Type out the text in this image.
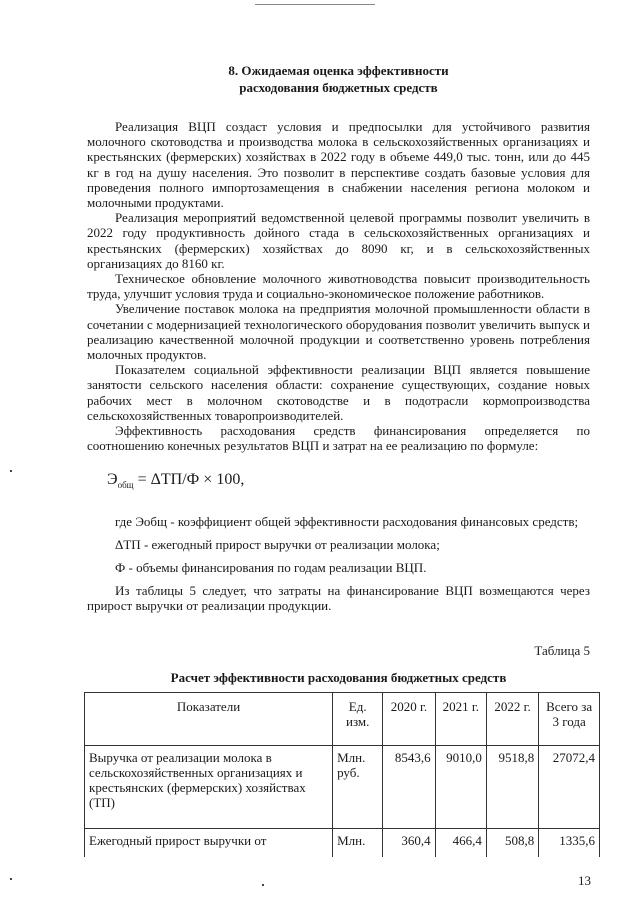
8. Ожидаемая оценка эффективности
расходования бюджетных средств

Реализация ВЦП создаст условия и предпосылки для устойчивого развития молочного скотоводства и производства молока в сельскохозяйственных организациях и крестьянских (фермерских) хозяйствах в 2022 году в объеме 449,0 тыс. тонн, или до 445 кг в год на душу населения. Это позволит в перспективе создать базовые условия для проведения полного импортозамещения в снабжении населения региона молоком и молочными продуктами.

Реализация мероприятий ведомственной целевой программы позволит увеличить в 2022 году продуктивность дойного стада в сельскохозяйственных организациях и крестьянских (фермерских) хозяйствах до 8090 кг, и в сельскохозяйственных организациях до 8160 кг.

Техническое обновление молочного животноводства повысит производительность труда, улучшит условия труда и социально-экономическое положение работников.

Увеличение поставок молока на предприятия молочной промышленности области в сочетании с модернизацией технологического оборудования позволит увеличить выпуск и реализацию качественной молочной продукции и соответственно уровень потребления молочных продуктов.

Показателем социальной эффективности реализации ВЦП является повышение занятости сельского населения области: сохранение существующих, создание новых рабочих мест в молочном скотоводстве и в подотрасли кормопроизводства сельскохозяйственных товаропроизводителей.

Эффективность расходования средств финансирования определяется по соотношению конечных результатов ВЦП и затрат на ее реализацию по формуле:

$Э_{общ} = \Delta ТП/Ф \times 100$,

где Эобщ - коэффициент общей эффективности расходования финансовых средств;

ΔТП - ежегодный прирост выручки от реализации молока;

Ф - объемы финансирования по годам реализации ВЦП.

Из таблицы 5 следует, что затраты на финансирование ВЦП возмещаются через прирост выручки от реализации продукции.

Таблица 5
Расчет эффективности расходования бюджетных средств
Показатели	Ед. изм.	2020 г.	2021 г.	2022 г.	Всего за 3 года
Выручка от реализации молока в сельскохозяйственных организациях и крестьянских (фермерских) хозяйствах (ТП)	Млн. руб.	8543,6	9010,0	9518,8	27072,4
Ежегодный прирост выручки от	Млн.	360,4	466,4	508,8	1335,6
13
